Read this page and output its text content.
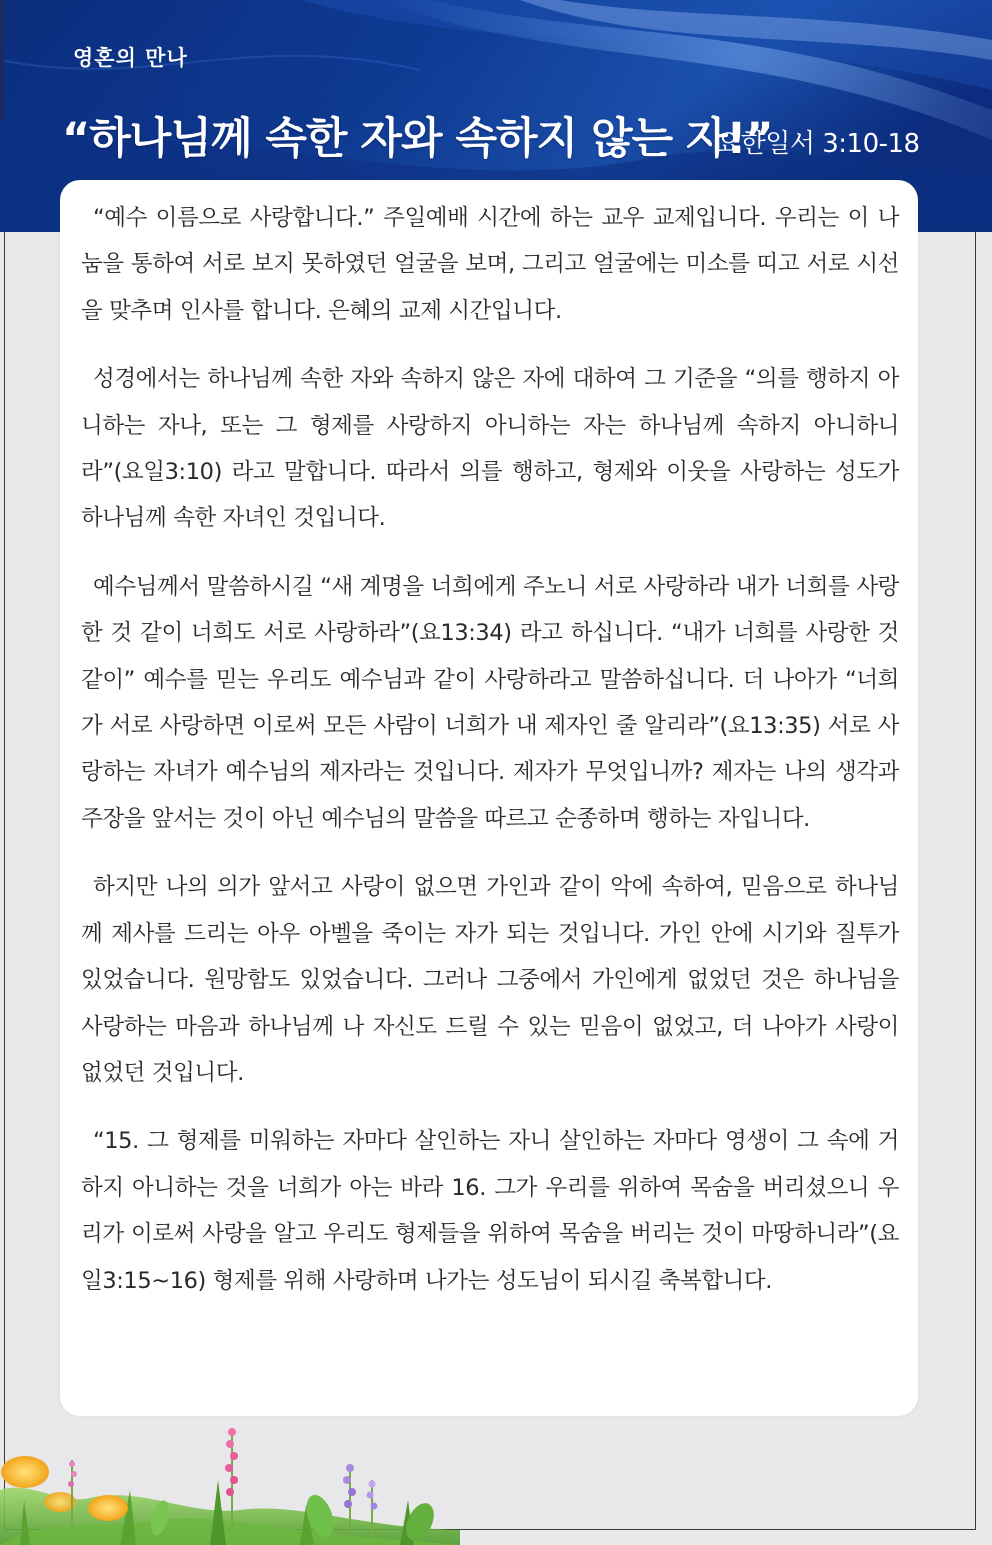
영혼의 만나
“하나님께 속한 자와 속하지 않는 자!”
요한일서 3:10-18

“예수 이름으로 사랑합니다.” 주일예배 시간에 하는 교우 교제입니다. 우리는 이 나눔을 통하여 서로 보지 못하였던 얼굴을 보며, 그리고 얼굴에는 미소를 띠고 서로 시선을 맞추며 인사를 합니다. 은혜의 교제 시간입니다.

성경에서는 하나님께 속한 자와 속하지 않은 자에 대하여 그 기준을 “의를 행하지 아니하는 자나, 또는 그 형제를 사랑하지 아니하는 자는 하나님께 속하지 아니하니라”(요일3:10) 라고 말합니다. 따라서 의를 행하고, 형제와 이웃을 사랑하는 성도가 하나님께 속한 자녀인 것입니다.

예수님께서 말씀하시길 “새 계명을 너희에게 주노니 서로 사랑하라 내가 너희를 사랑한 것 같이 너희도 서로 사랑하라”(요13:34) 라고 하십니다. “내가 너희를 사랑한 것 같이” 예수를 믿는 우리도 예수님과 같이 사랑하라고 말씀하십니다. 더 나아가 “너희가 서로 사랑하면 이로써 모든 사람이 너희가 내 제자인 줄 알리라”(요13:35) 서로 사랑하는 자녀가 예수님의 제자라는 것입니다. 제자가 무엇입니까? 제자는 나의 생각과 주장을 앞서는 것이 아닌 예수님의 말씀을 따르고 순종하며 행하는 자입니다.

하지만 나의 의가 앞서고 사랑이 없으면 가인과 같이 악에 속하여, 믿음으로 하나님께 제사를 드리는 아우 아벨을 죽이는 자가 되는 것입니다. 가인 안에 시기와 질투가 있었습니다. 원망함도 있었습니다. 그러나 그중에서 가인에게 없었던 것은 하나님을 사랑하는 마음과 하나님께 나 자신도 드릴 수 있는 믿음이 없었고, 더 나아가 사랑이 없었던 것입니다.

“15. 그 형제를 미워하는 자마다 살인하는 자니 살인하는 자마다 영생이 그 속에 거하지 아니하는 것을 너희가 아는 바라 16. 그가 우리를 위하여 목숨을 버리셨으니 우리가 이로써 사랑을 알고 우리도 형제들을 위하여 목숨을 버리는 것이 마땅하니라”(요일3:15~16) 형제를 위해 사랑하며 나가는 성도님이 되시길 축복합니다.
